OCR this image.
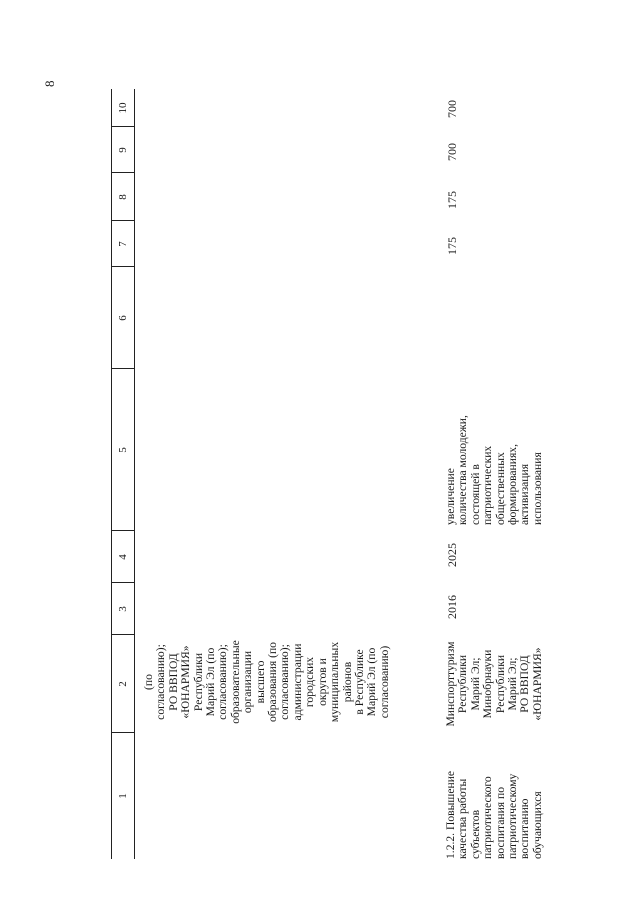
8
1
2
3
4
5
6
7
8
9
10
(по
согласованию);
РО ВВПОД
«ЮНАРМИЯ»
Республики
Марий Эл (по
согласованию);
образовательные
организации
высшего
образования (по
согласованию);
администрации
городских
округов и
муниципальных
районов
в Республике
Марий Эл (по
согласованию)
1.2.2. Повышение
качества работы
субъектов
патриотического
воспитания по
патриотическому
воспитанию
обучающихся
Минспорттуризм
Республики
Марий Эл;
Минобрнауки
Республики
Марий Эл;
РО ВВПОД
«ЮНАРМИЯ»
2016
2025
увеличение
количества молодежи,
состоящей в
патриотических
общественных
формированиях,
активизация
использования
175
175
700
700
